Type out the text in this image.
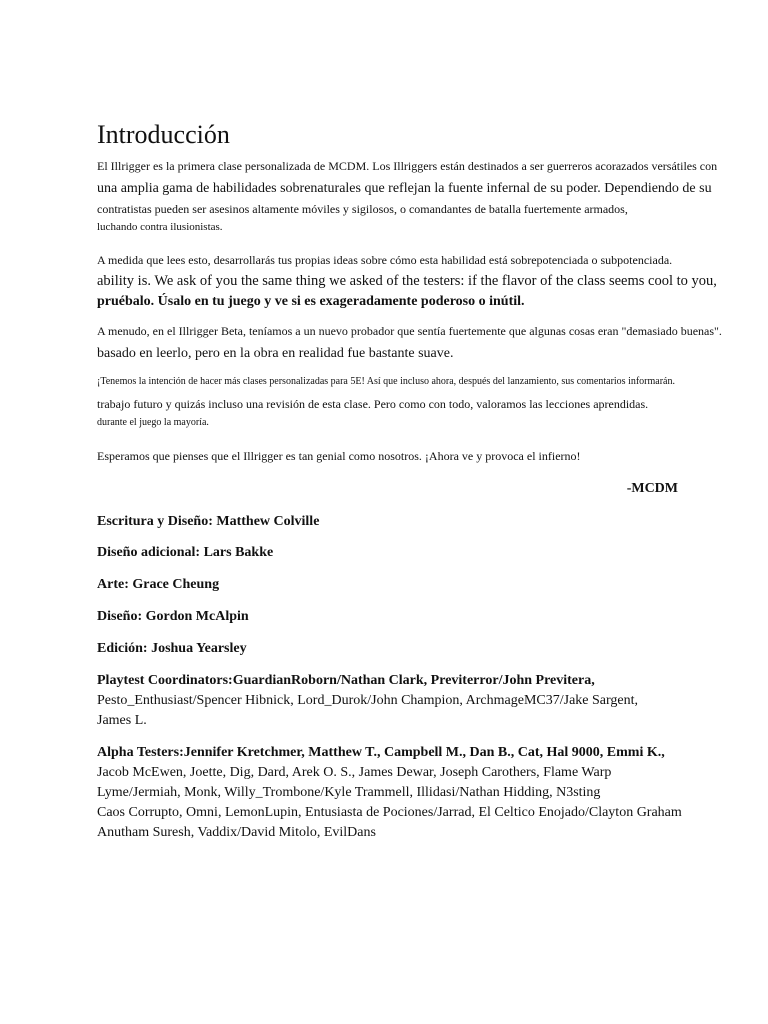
Introducción
El Illrigger es la primera clase personalizada de MCDM. Los Illriggers están destinados a ser guerreros acorazados versátiles con
una amplia gama de habilidades sobrenaturales que reflejan la fuente infernal de su poder. Dependiendo de su
contratistas pueden ser asesinos altamente móviles y sigilosos, o comandantes de batalla fuertemente armados,
luchando contra ilusionistas.
A medida que lees esto, desarrollarás tus propias ideas sobre cómo esta habilidad está sobrepotenciada o subpotenciada.
ability is. We ask of you the same thing we asked of the testers: if the flavor of the class seems cool to you,
pruébalo. Úsalo en tu juego y ve si es exageradamente poderoso o inútil.
A menudo, en el Illrigger Beta, teníamos a un nuevo probador que sentía fuertemente que algunas cosas eran "demasiado buenas".
basado en leerlo, pero en la obra en realidad fue bastante suave.
¡Tenemos la intención de hacer más clases personalizadas para 5E! Así que incluso ahora, después del lanzamiento, sus comentarios informarán.
trabajo futuro y quizás incluso una revisión de esta clase. Pero como con todo, valoramos las lecciones aprendidas.
durante el juego la mayoría.
Esperamos que pienses que el Illrigger es tan genial como nosotros. ¡Ahora ve y provoca el infierno!
-MCDM
Escritura y Diseño: Matthew Colville
Diseño adicional: Lars Bakke
Arte: Grace Cheung
Diseño: Gordon McAlpin
Edición: Joshua Yearsley
Playtest Coordinators:GuardianRoborn/Nathan Clark, Previterror/John Previtera,
Pesto_Enthusiast/Spencer Hibnick, Lord_Durok/John Champion, ArchmageMC37/Jake Sargent,
James L.
Alpha Testers:Jennifer Kretchmer, Matthew T., Campbell M., Dan B., Cat, Hal 9000, Emmi K.,
Jacob McEwen, Joette, Dig, Dard, Arek O. S., James Dewar, Joseph Carothers, Flame Warp
Lyme/Jermiah, Monk, Willy_Trombone/Kyle Trammell, Illidasi/Nathan Hidding, N3sting
Caos Corrupto, Omni, LemonLupin, Entusiasta de Pociones/Jarrad, El Celtico Enojado/Clayton Graham
Anutham Suresh, Vaddix/David Mitolo, EvilDans
